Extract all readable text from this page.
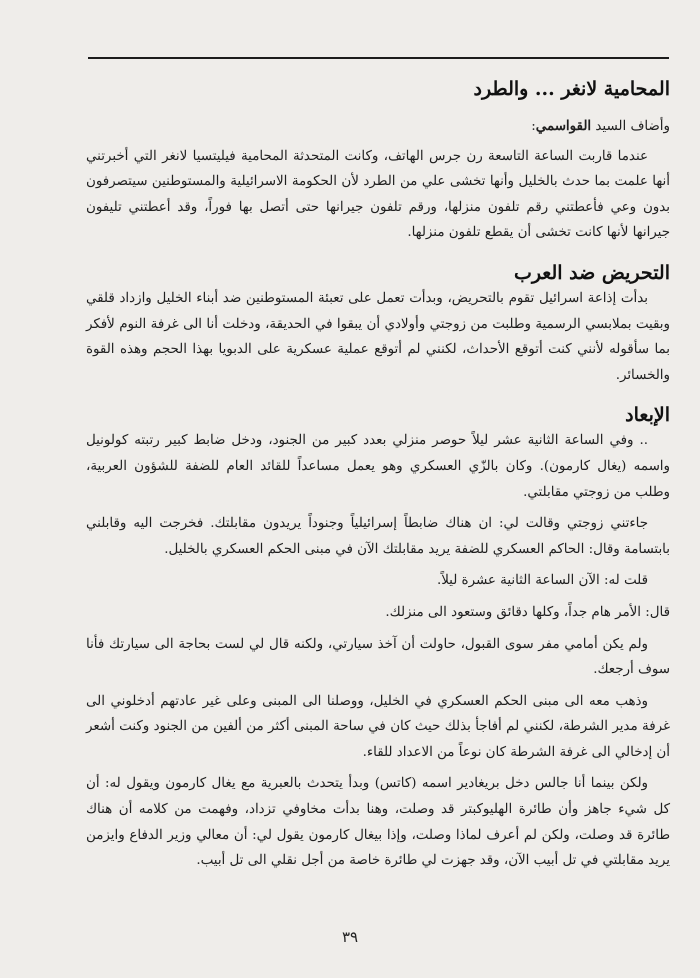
المحامية لانغر ... والطرد

وأضاف السيد القواسمي:

عندما قاربت الساعة التاسعة رن جرس الهاتف، وكانت المتحدثة المحامية فيليتسيا لانغر التي أخبرتني أنها علمت بما حدث بالخليل وأنها تخشى علي من الطرد لأن الحكومة الاسرائيلية والمستوطنين سيتصرفون بدون وعي فأعطتني رقم تلفون منزلها، ورقم تلفون جيرانها حتى أتصل بها فوراً، وقد أعطتني تليفون جيرانها لأنها كانت تخشى أن يقطع تلفون منزلها.

التحريض ضد العرب

بدأت إذاعة اسرائيل تقوم بالتحريض، وبدأت تعمل على تعبئة المستوطنين ضد أبناء الخليل وازداد قلقي وبقيت بملابسي الرسمية وطلبت من زوجتي وأولادي أن يبقوا في الحديقة، ودخلت أنا الى غرفة النوم لأفكر بما سأقوله لأنني كنت أتوقع الأحداث، لكنني لم أتوقع عملية عسكرية على الدبويا بهذا الحجم وهذه القوة والخسائر.

الإبعاد

.. وفي الساعة الثانية عشر ليلاً حوصر منزلي بعدد كبير من الجنود، ودخل ضابط كبير رتبته كولونيل واسمه (يغال كارمون). وكان بالزّي العسكري وهو يعمل مساعداً للقائد العام للضفة للشؤون العربية، وطلب من زوجتي مقابلتي.

جاءتني زوجتي وقالت لي: ان هناك ضابطاً إسرائيلياً وجنوداً يريدون مقابلتك. فخرجت اليه وقابلني بابتسامة وقال: الحاكم العسكري للضفة يريد مقابلتك الآن في مبنى الحكم العسكري بالخليل.

قلت له: الآن الساعة الثانية عشرة ليلاً.

قال: الأمر هام جداً، وكلها دقائق وستعود الى منزلك.

ولم يكن أمامي مفر سوى القبول، حاولت أن آخذ سيارتي، ولكنه قال لي لست بحاجة الى سيارتك فأنا سوف أرجعك.

وذهب معه الى مبنى الحكم العسكري في الخليل، ووصلنا الى المبنى وعلى غير عادتهم أدخلوني الى غرفة مدير الشرطة، لكنني لم أفاجأ بذلك حيث كان في ساحة المبنى أكثر من ألفين من الجنود وكنت أشعر أن إدخالي الى غرفة الشرطة كان نوعاً من الاعداد للقاء.

ولكن بينما أنا جالس دخل بريغادير اسمه (كاتس) وبدأ يتحدث بالعبرية مع يغال كارمون ويقول له: أن كل شيء جاهز وأن طائرة الهليوكبتر قد وصلت، وهنا بدأت مخاوفي تزداد، وفهمت من كلامه أن هناك طائرة قد وصلت، ولكن لم أعرف لماذا وصلت، وإذا بيغال كارمون يقول لي: أن معالي وزير الدفاع وايزمن يريد مقابلتي في تل أبيب الآن، وقد جهزت لي طائرة خاصة من أجل نقلي الى تل أبيب.

٣٩
